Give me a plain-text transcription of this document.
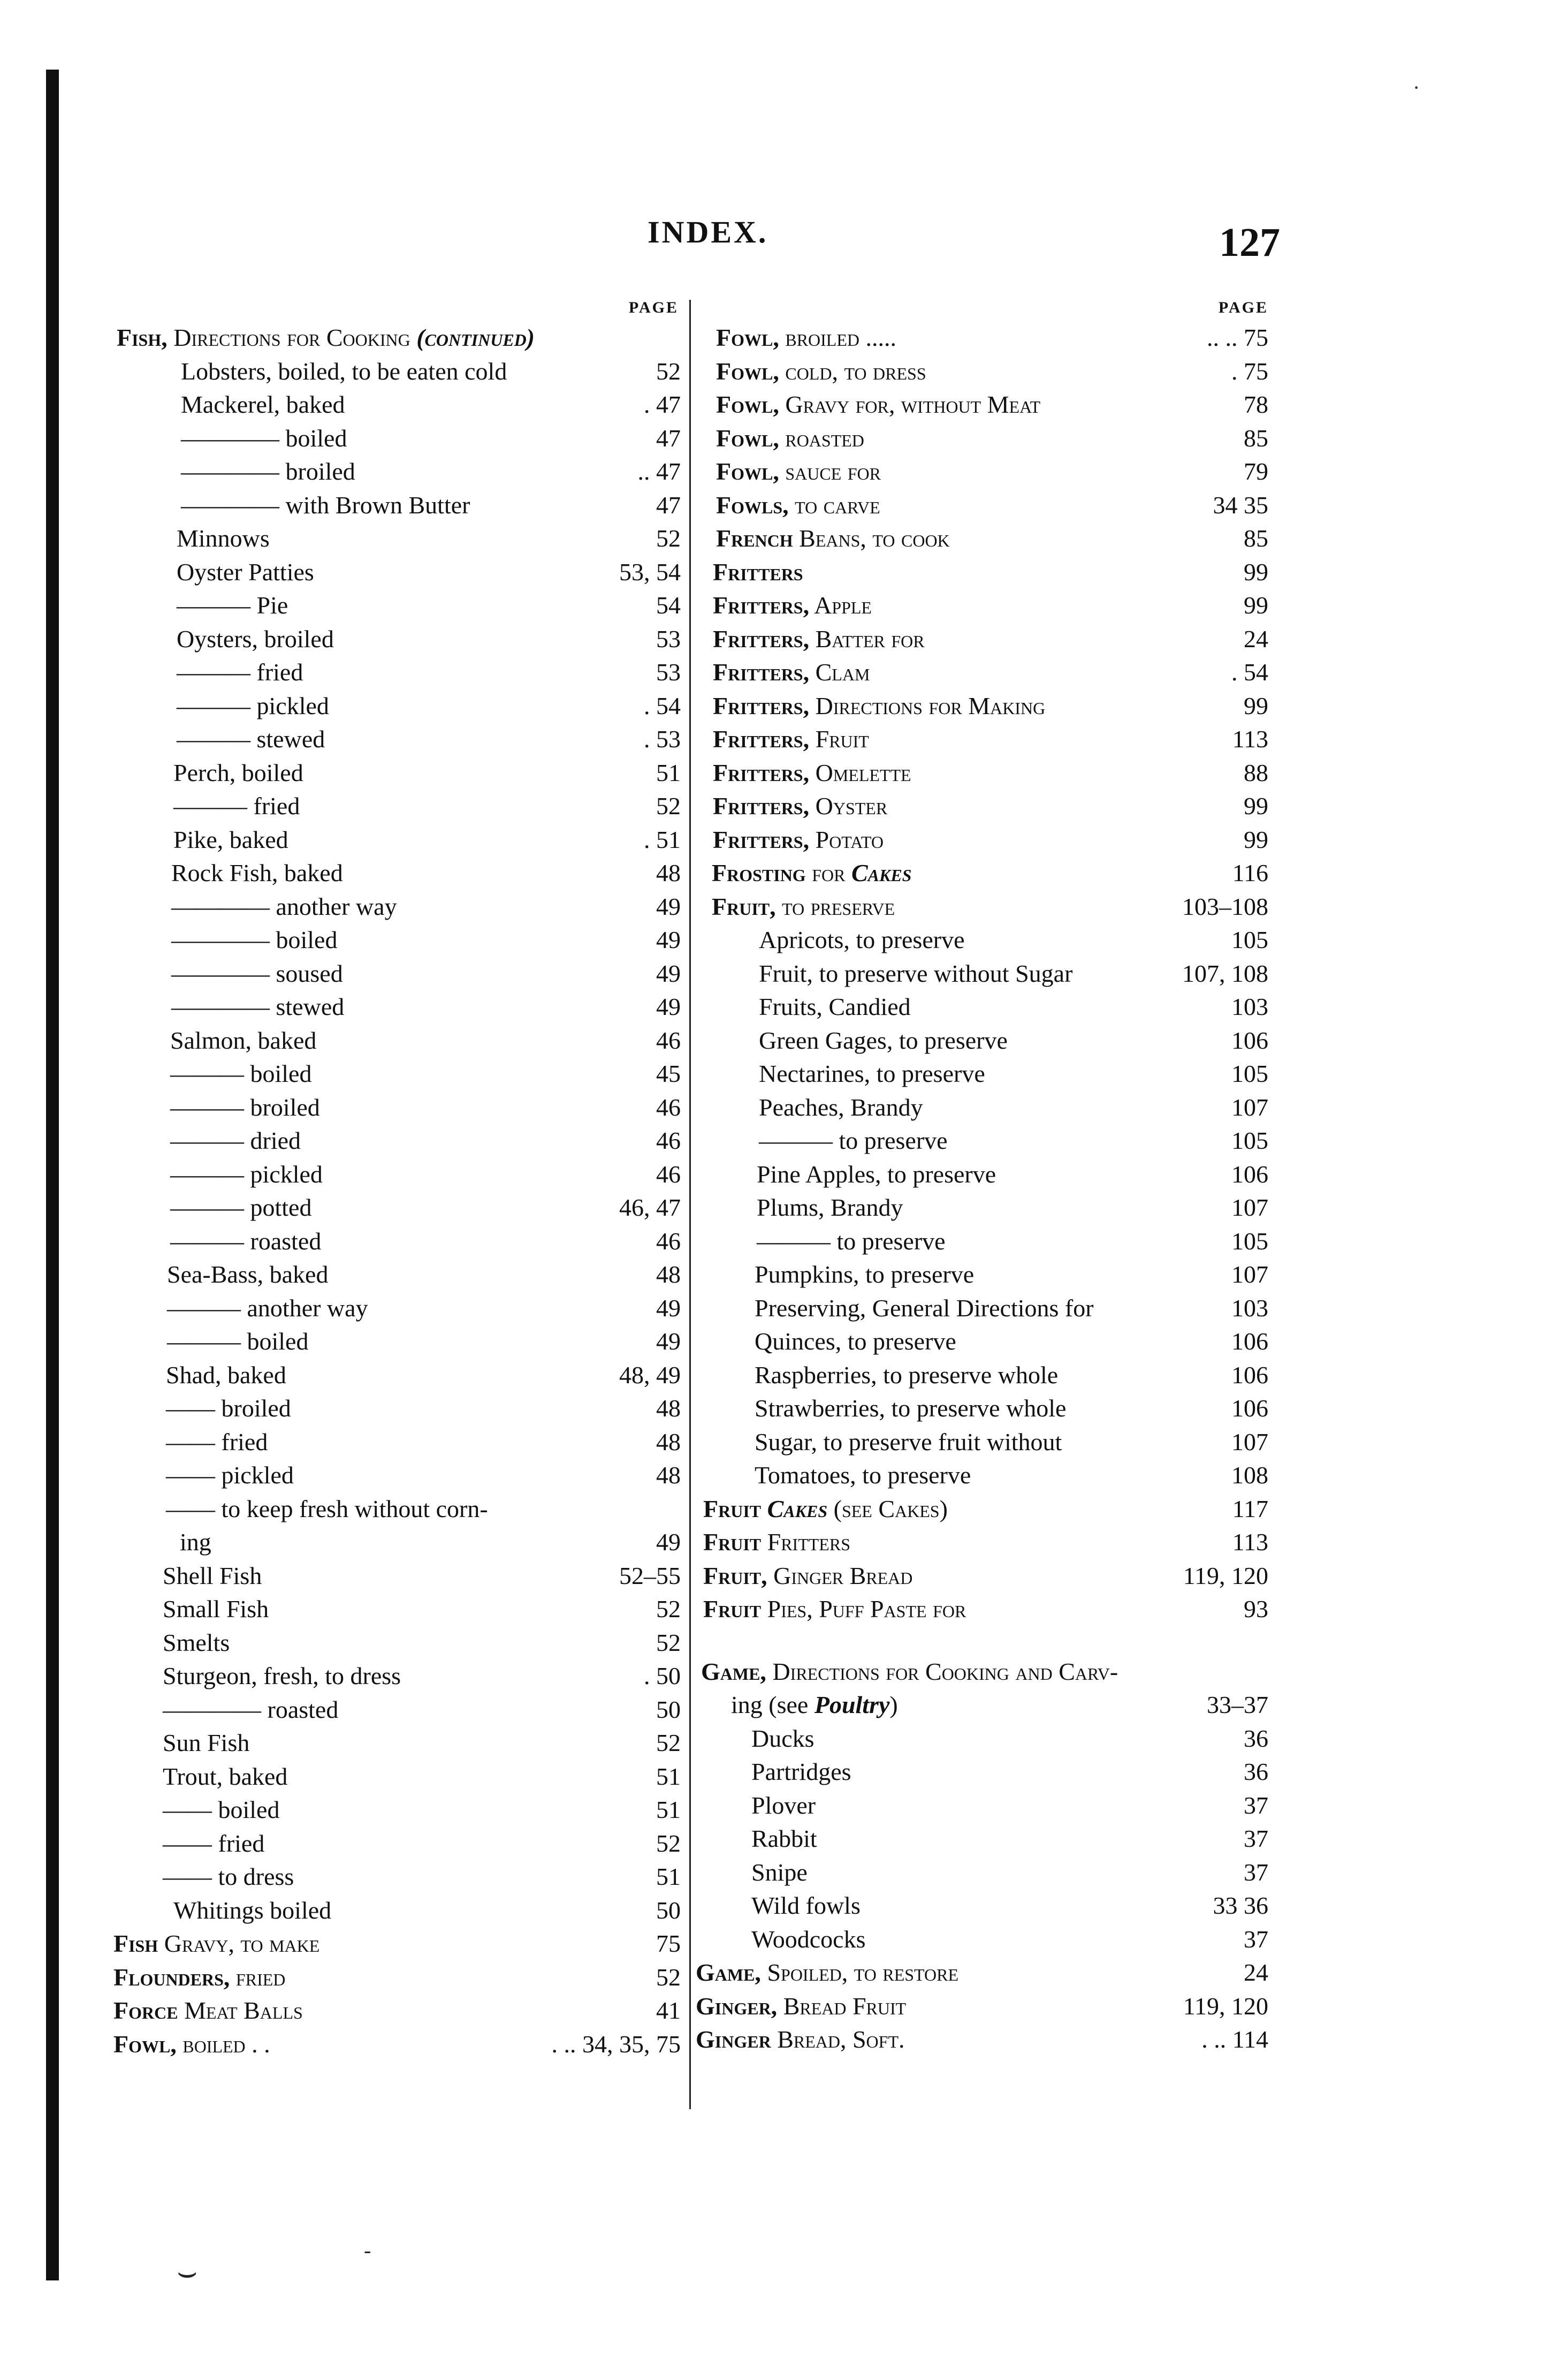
·
INDEX.	127
PAGE
Fish, Directions for Cooking (continued)
Lobsters, boiled, to be eaten cold	52
Mackerel, baked	. 47
———— boiled	47
———— broiled	.. 47
———— with Brown Butter	47
Minnows	52
Oyster Patties	53, 54
——— Pie	54
Oysters, broiled	53
——— fried	53
——— pickled	. 54
——— stewed	. 53
Perch, boiled	51
——— fried	52
Pike, baked	. 51
Rock Fish, baked	48
———— another way	49
———— boiled	49
———— soused	49
———— stewed	49
Salmon, baked	46
——— boiled	45
——— broiled	46
——— dried	46
——— pickled	46
——— potted	46, 47
——— roasted	46
Sea-Bass, baked	48
——— another way	49
——— boiled	49
Shad, baked	48, 49
—— broiled	48
—— fried	48
—— pickled	48
—— to keep fresh without corn-
ing	49
Shell Fish	52–55
Small Fish	52
Smelts	52
Sturgeon, fresh, to dress	. 50
———— roasted	50
Sun Fish	52
Trout, baked	51
—— boiled	51
—— fried	52
—— to dress	51
Whitings boiled	50
Fish Gravy, to make	75
Flounders, fried	52
Force Meat Balls	41
Fowl, boiled . .	. .. 34, 35, 75
PAGE
Fowl, broiled .....	.. .. 75
Fowl, cold, to dress	. 75
Fowl, Gravy for, without Meat	78
Fowl, roasted	85
Fowl, sauce for	79
Fowls, to carve	34 35
French Beans, to cook	85
Fritters	99
Fritters, Apple	99
Fritters, Batter for	24
Fritters, Clam	. 54
Fritters, Directions for Making	99
Fritters, Fruit	113
Fritters, Omelette	88
Fritters, Oyster	99
Fritters, Potato	99
Frosting for Cakes	116
Fruit, to preserve	103–108
Apricots, to preserve	105
Fruit, to preserve without Sugar	107, 108
Fruits, Candied	103
Green Gages, to preserve	106
Nectarines, to preserve	105
Peaches, Brandy	107
——— to preserve	105
Pine Apples, to preserve	106
Plums, Brandy	107
——— to preserve	105
Pumpkins, to preserve	107
Preserving, General Directions for	103
Quinces, to preserve	106
Raspberries, to preserve whole	106
Strawberries, to preserve whole	106
Sugar, to preserve fruit without	107
Tomatoes, to preserve	108
Fruit Cakes (see Cakes)	117
Fruit Fritters	113
Fruit, Ginger Bread	119, 120
Fruit Pies, Puff Paste for	93
Game, Directions for Cooking and Carv-
ing (see Poultry)	33–37
Ducks	36
Partridges	36
Plover	37
Rabbit	37
Snipe	37
Wild fowls	33 36
Woodcocks	37
Game, Spoiled, to restore	24
Ginger, Bread Fruit	119, 120
Ginger Bread, Soft.	. .. 114
⌣
‐
